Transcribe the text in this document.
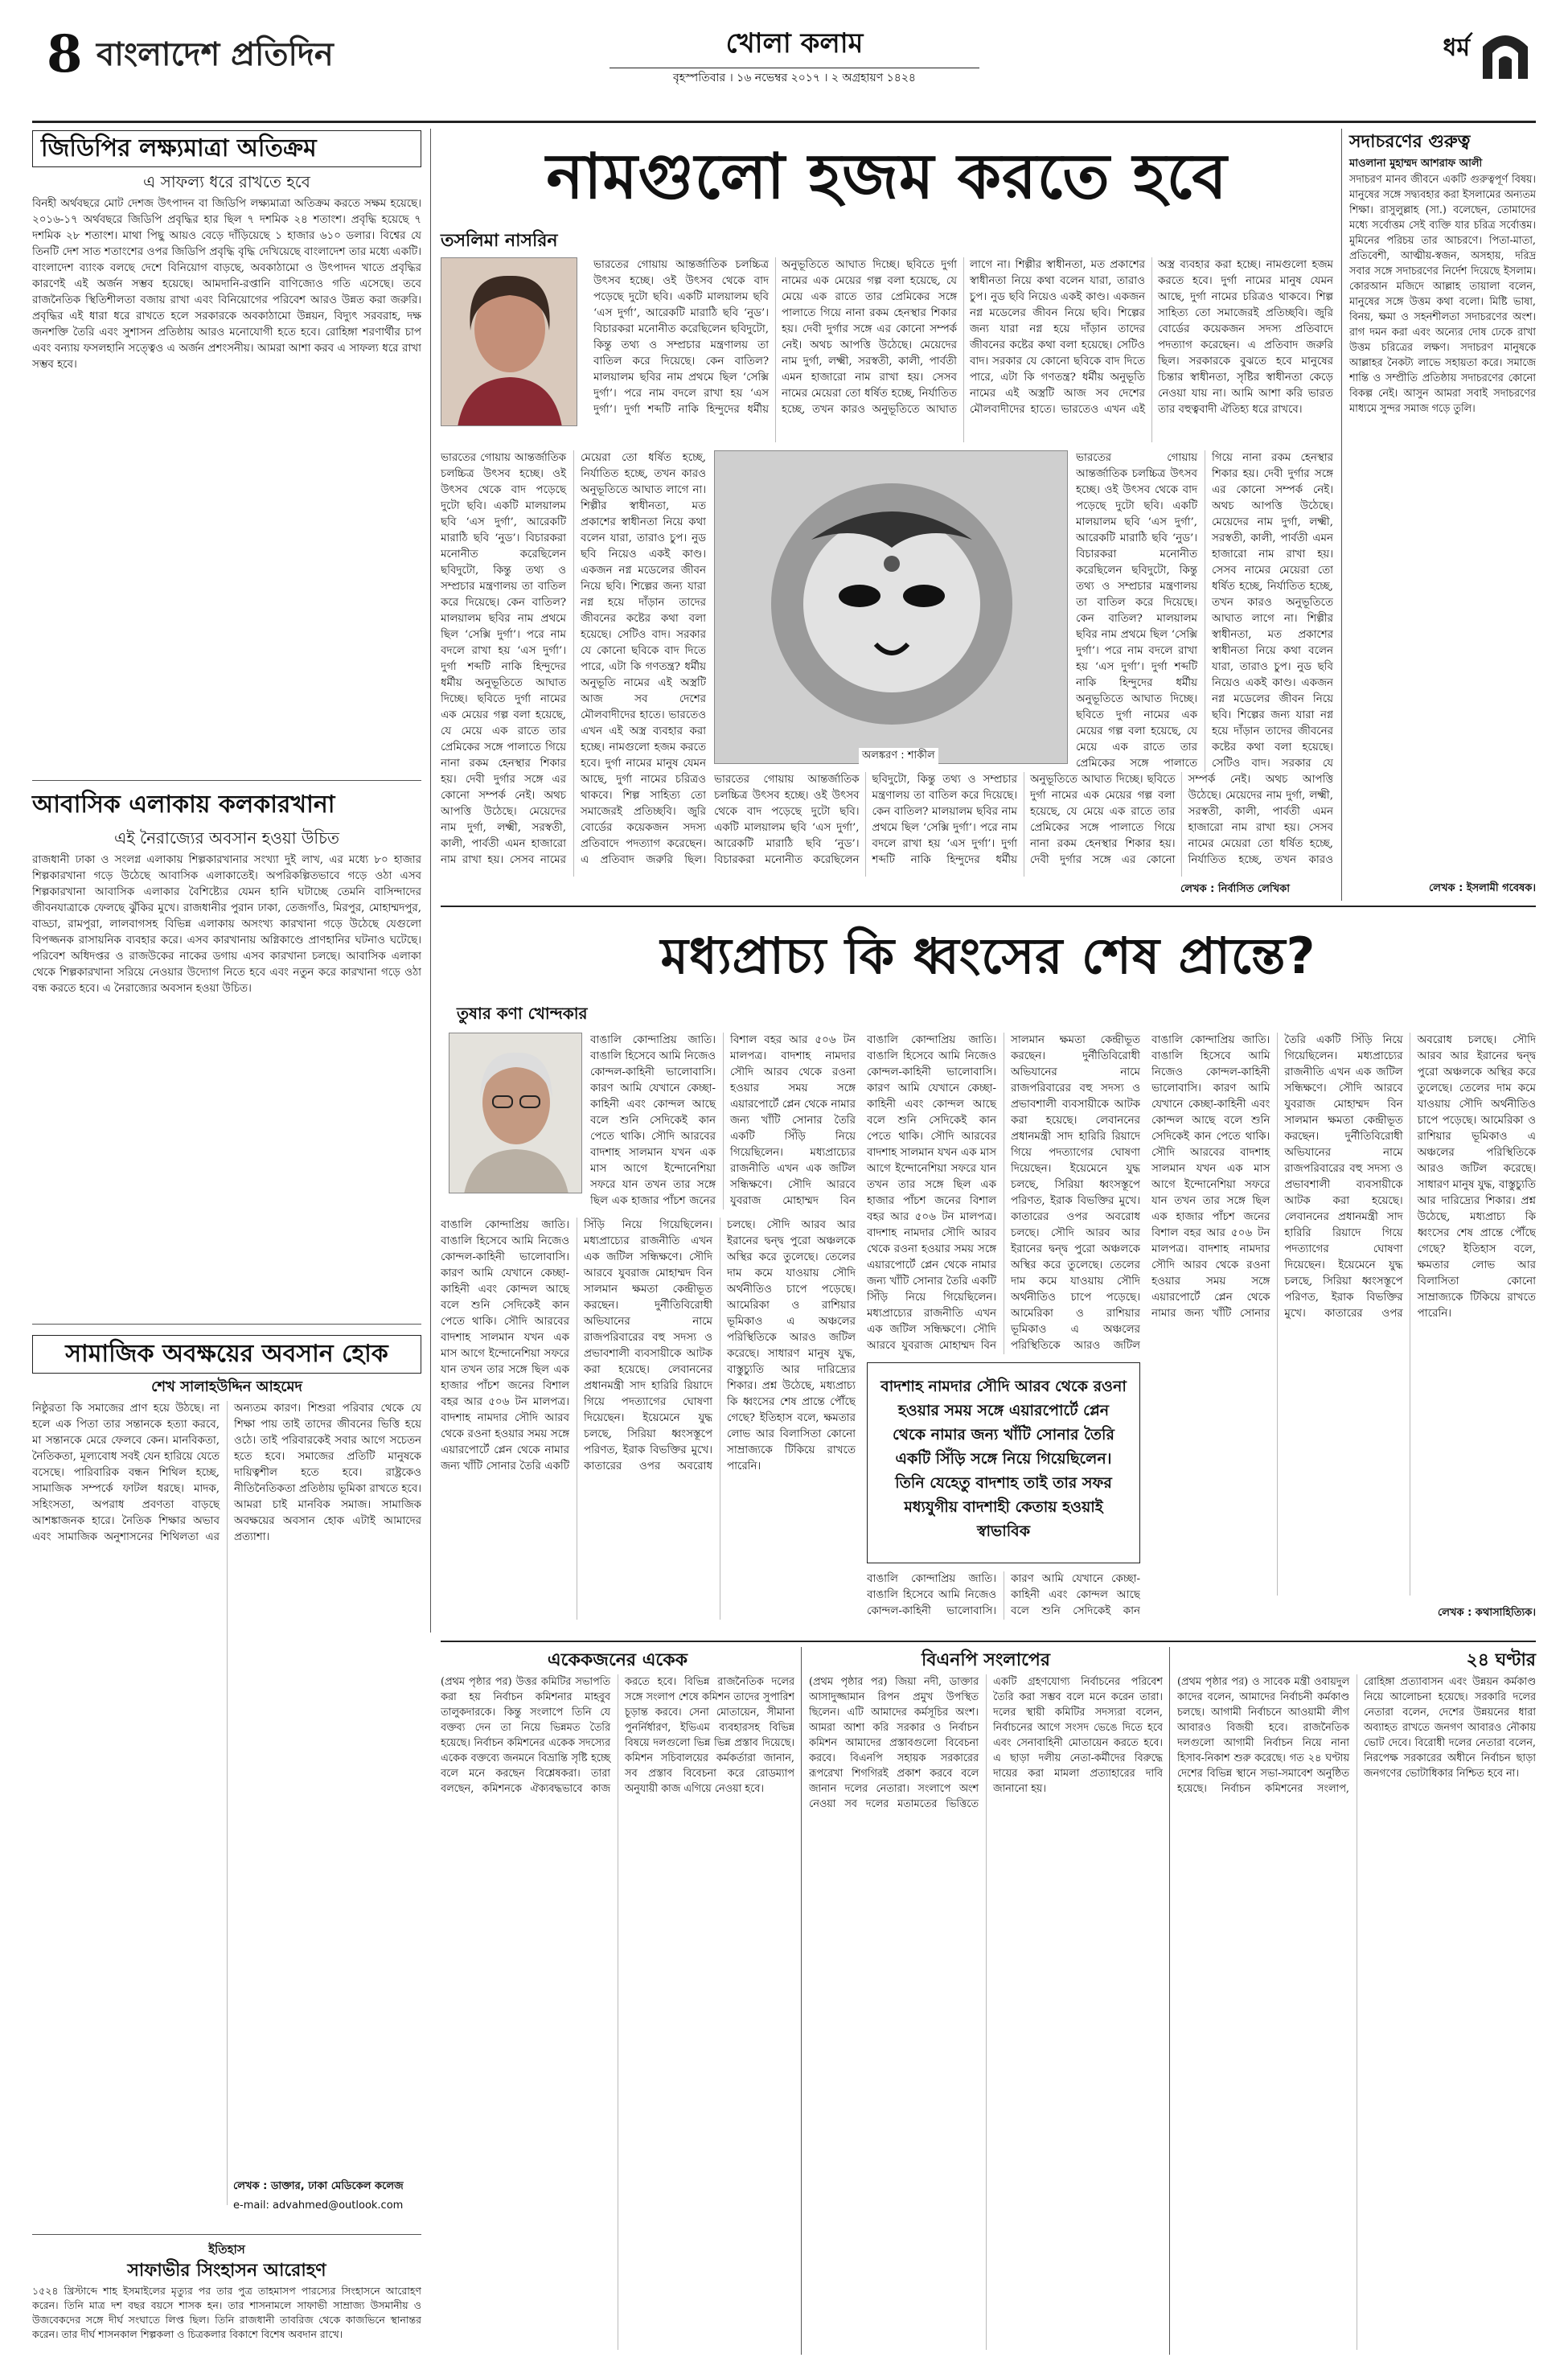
8 বাংলাদেশ প্রতিদিন	খোলা কলাম
বৃহস্পতিবার । ১৬ নভেম্বর ২০১৭ । ২ অগ্রহায়ণ ১৪২৪
ধর্ম
জিডিপির লক্ষ্যমাত্রা অতিক্রম
এ সাফল্য ধরে রাখতে হবে
বিনহী অর্থবছরে মোট দেশজ উৎপাদন বা জিডিপি লক্ষ্যমাত্রা অতিক্রম করতে সক্ষম হয়েছে। ২০১৬-১৭ অর্থবছরে জিডিপি প্রবৃদ্ধির হার ছিল ৭ দশমিক ২৪ শতাংশ। প্রবৃদ্ধি হয়েছে ৭ দশমিক ২৮ শতাংশ। মাথা পিছু আয়ও বেড়ে দাঁড়িয়েছে ১ হাজার ৬১০ ডলার। বিশ্বের যে তিনটি দেশ সাত শতাংশের ওপর জিডিপি প্রবৃদ্ধি বৃদ্ধি দেখিয়েছে বাংলাদেশ তার মধ্যে একটি। বাংলাদেশ ব্যাংক বলছে দেশে বিনিয়োগ বাড়ছে, অবকাঠামো ও উৎপাদন খাতে প্রবৃদ্ধির কারণেই এই অর্জন সম্ভব হয়েছে। আমদানি-রপ্তানি বাণিজ্যেও গতি এসেছে। তবে রাজনৈতিক স্থিতিশীলতা বজায় রাখা এবং বিনিয়োগের পরিবেশ আরও উন্নত করা জরুরি। প্রবৃদ্ধির এই ধারা ধরে রাখতে হলে সরকারকে অবকাঠামো উন্নয়ন, বিদ্যুৎ সরবরাহ, দক্ষ জনশক্তি তৈরি এবং সুশাসন প্রতিষ্ঠায় আরও মনোযোগী হতে হবে। রোহিঙ্গা শরণার্থীর চাপ এবং বন্যায় ফসলহানি সত্ত্বেও এ অর্জন প্রশংসনীয়। আমরা আশা করব এ সাফল্য ধরে রাখা সম্ভব হবে।
আবাসিক এলাকায় কলকারখানা
এই নৈরাজ্যের অবসান হওয়া উচিত
রাজধানী ঢাকা ও সংলগ্ন এলাকায় শিল্পকারখানার সংখ্যা দুই লাখ, এর মধ্যে ৮০ হাজার শিল্পকারখানা গড়ে উঠেছে আবাসিক এলাকাতেই। অপরিকল্পিতভাবে গড়ে ওঠা এসব শিল্পকারখানা আবাসিক এলাকার বৈশিষ্ট্যের যেমন হানি ঘটাচ্ছে তেমনি বাসিন্দাদের জীবনযাত্রাকে ফেলছে ঝুঁকির মুখে। রাজধানীর পুরান ঢাকা, তেজগাঁও, মিরপুর, মোহাম্মদপুর, বাড্ডা, রামপুরা, লালবাগসহ বিভিন্ন এলাকায় অসংখ্য কারখানা গড়ে উঠেছে যেগুলো বিপজ্জনক রাসায়নিক ব্যবহার করে। এসব কারখানায় অগ্নিকাণ্ডে প্রাণহানির ঘটনাও ঘটেছে। পরিবেশ অধিদপ্তর ও রাজউকের নাকের ডগায় এসব কারখানা চলছে। আবাসিক এলাকা থেকে শিল্পকারখানা সরিয়ে নেওয়ার উদ্যোগ নিতে হবে এবং নতুন করে কারখানা গড়ে ওঠা বন্ধ করতে হবে। এ নৈরাজ্যের অবসান হওয়া উচিত।
সামাজিক অবক্ষয়ের অবসান হোক
শেখ সালাহউদ্দিন আহমেদ
নিষ্ঠুরতা কি সমাজের প্রাণ হয়ে উঠছে। না হলে এক পিতা তার সন্তানকে হত্যা করবে, মা সন্তানকে মেরে ফেলবে কেন। মানবিকতা, নৈতিকতা, মূল্যবোধ সবই যেন হারিয়ে যেতে বসেছে। পারিবারিক বন্ধন শিথিল হচ্ছে, সামাজিক সম্পর্কে ফাটল ধরছে। মাদক, সহিংসতা, অপরাধ প্রবণতা বাড়ছে আশঙ্কাজনক হারে। নৈতিক শিক্ষার অভাব এবং সামাজিক অনুশাসনের শিথিলতা এর অন্যতম কারণ। শিশুরা পরিবার থেকে যে শিক্ষা পায় তাই তাদের জীবনের ভিত্তি হয়ে ওঠে। তাই পরিবারকেই সবার আগে সচেতন হতে হবে। সমাজের প্রতিটি মানুষকে দায়িত্বশীল হতে হবে। রাষ্ট্রকেও নীতিনৈতিকতা প্রতিষ্ঠায় ভূমিকা রাখতে হবে। আমরা চাই মানবিক সমাজ। সামাজিক অবক্ষয়ের অবসান হোক এটাই আমাদের প্রত্যাশা।
লেখক : ডাক্তার, ঢাকা মেডিকেল কলেজ
e-mail: advahmed@outlook.com
ইতিহাস
সাফাভীর সিংহাসন আরোহণ
১৫২৪ খ্রিস্টাব্দে শাহ ইসমাইলের মৃত্যুর পর তার পুত্র তাহমাসপ পারস্যের সিংহাসনে আরোহণ করেন। তিনি মাত্র দশ বছর বয়সে শাসক হন। তার শাসনামলে সাফাভী সাম্রাজ্য উসমানীয় ও উজবেকদের সঙ্গে দীর্ঘ সংঘাতে লিপ্ত ছিল। তিনি রাজধানী তাবরিজ থেকে কাজভিনে স্থানান্তর করেন। তার দীর্ঘ শাসনকাল শিল্পকলা ও চিত্রকলার বিকাশে বিশেষ অবদান রাখে।
নামগুলো হজম করতে হবে
তসলিমা নাসরিন
অলঙ্করণ : শাকীল
ভারতের গোয়ায় আন্তর্জাতিক চলচ্চিত্র উৎসব হচ্ছে। ওই উৎসব থেকে বাদ পড়েছে দুটো ছবি। একটি মালয়ালম ছবি ‘এস দুর্গা’, আরেকটি মারাঠি ছবি ‘নুড’। বিচারকরা মনোনীত করেছিলেন ছবিদুটো, কিন্তু তথ্য ও সম্প্রচার মন্ত্রণালয় তা বাতিল করে দিয়েছে। কেন বাতিল? মালয়ালম ছবির নাম প্রথমে ছিল ‘সেক্সি দুর্গা’। পরে নাম বদলে রাখা হয় ‘এস দুর্গা’। দুর্গা শব্দটি নাকি হিন্দুদের ধর্মীয় অনুভূতিতে আঘাত দিচ্ছে। ছবিতে দুর্গা নামের এক মেয়ের গল্প বলা হয়েছে, যে মেয়ে এক রাতে তার প্রেমিকের সঙ্গে পালাতে গিয়ে নানা রকম হেনস্থার শিকার হয়। দেবী দুর্গার সঙ্গে এর কোনো সম্পর্ক নেই। অথচ আপত্তি উঠেছে। মেয়েদের নাম দুর্গা, লক্ষ্মী, সরস্বতী, কালী, পার্বতী এমন হাজারো নাম রাখা হয়। সেসব নামের মেয়েরা তো ধর্ষিত হচ্ছে, নির্যাতিত হচ্ছে, তখন কারও অনুভূতিতে আঘাত লাগে না। শিল্পীর স্বাধীনতা, মত প্রকাশের স্বাধীনতা নিয়ে কথা বলেন যারা, তারাও চুপ। নুড ছবি নিয়েও একই কাণ্ড। একজন নগ্ন মডেলের জীবন নিয়ে ছবি। শিল্পের জন্য যারা নগ্ন হয়ে দাঁড়ান তাদের জীবনের কষ্টের কথা বলা হয়েছে। সেটিও বাদ। সরকার যে কোনো ছবিকে বাদ দিতে পারে, এটা কি গণতন্ত্র? ধর্মীয় অনুভূতি নামের এই অস্ত্রটি আজ সব দেশের মৌলবাদীদের হাতে। ভারতেও এখন এই অস্ত্র ব্যবহার করা হচ্ছে। নামগুলো হজম করতে হবে। দুর্গা নামের মানুষ যেমন আছে, দুর্গা নামের চরিত্রও থাকবে। শিল্প সাহিত্য তো সমাজেরই প্রতিচ্ছবি। জুরি বোর্ডের কয়েকজন সদস্য প্রতিবাদে পদত্যাগ করেছেন। এ প্রতিবাদ জরুরি ছিল। সরকারকে বুঝতে হবে মানুষের চিন্তার স্বাধীনতা, সৃষ্টির স্বাধীনতা কেড়ে নেওয়া যায় না। আমি আশা করি ভারত তার বহুত্ববাদী ঐতিহ্য ধরে রাখবে।
ভারতের গোয়ায় আন্তর্জাতিক চলচ্চিত্র উৎসব হচ্ছে। ওই উৎসব থেকে বাদ পড়েছে দুটো ছবি। একটি মালয়ালম ছবি ‘এস দুর্গা’, আরেকটি মারাঠি ছবি ‘নুড’। বিচারকরা মনোনীত করেছিলেন ছবিদুটো, কিন্তু তথ্য ও সম্প্রচার মন্ত্রণালয় তা বাতিল করে দিয়েছে। কেন বাতিল? মালয়ালম ছবির নাম প্রথমে ছিল ‘সেক্সি দুর্গা’। পরে নাম বদলে রাখা হয় ‘এস দুর্গা’। দুর্গা শব্দটি নাকি হিন্দুদের ধর্মীয় অনুভূতিতে আঘাত দিচ্ছে। ছবিতে দুর্গা নামের এক মেয়ের গল্প বলা হয়েছে, যে মেয়ে এক রাতে তার প্রেমিকের সঙ্গে পালাতে গিয়ে নানা রকম হেনস্থার শিকার হয়। দেবী দুর্গার সঙ্গে এর কোনো সম্পর্ক নেই। অথচ আপত্তি উঠেছে। মেয়েদের নাম দুর্গা, লক্ষ্মী, সরস্বতী, কালী, পার্বতী এমন হাজারো নাম রাখা হয়। সেসব নামের মেয়েরা তো ধর্ষিত হচ্ছে, নির্যাতিত হচ্ছে, তখন কারও অনুভূতিতে আঘাত লাগে না। শিল্পীর স্বাধীনতা, মত প্রকাশের স্বাধীনতা নিয়ে কথা বলেন যারা, তারাও চুপ। নুড ছবি নিয়েও একই কাণ্ড। একজন নগ্ন মডেলের জীবন নিয়ে ছবি। শিল্পের জন্য যারা নগ্ন হয়ে দাঁড়ান তাদের জীবনের কষ্টের কথা বলা হয়েছে। সেটিও বাদ। সরকার যে কোনো ছবিকে বাদ দিতে পারে, এটা কি গণতন্ত্র? ধর্মীয় অনুভূতি নামের এই অস্ত্রটি আজ সব দেশের মৌলবাদীদের হাতে। ভারতেও এখন এই অস্ত্র ব্যবহার করা হচ্ছে। নামগুলো হজম করতে হবে। দুর্গা নামের মানুষ যেমন আছে, দুর্গা নামের চরিত্রও থাকবে। শিল্প সাহিত্য তো সমাজেরই প্রতিচ্ছবি। জুরি বোর্ডের কয়েকজন সদস্য প্রতিবাদে পদত্যাগ করেছেন। এ প্রতিবাদ জরুরি ছিল।
ভারতের গোয়ায় আন্তর্জাতিক চলচ্চিত্র উৎসব হচ্ছে। ওই উৎসব থেকে বাদ পড়েছে দুটো ছবি। একটি মালয়ালম ছবি ‘এস দুর্গা’, আরেকটি মারাঠি ছবি ‘নুড’। বিচারকরা মনোনীত করেছিলেন ছবিদুটো, কিন্তু তথ্য ও সম্প্রচার মন্ত্রণালয় তা বাতিল করে দিয়েছে। কেন বাতিল? মালয়ালম ছবির নাম প্রথমে ছিল ‘সেক্সি দুর্গা’। পরে নাম বদলে রাখা হয় ‘এস দুর্গা’। দুর্গা শব্দটি নাকি হিন্দুদের ধর্মীয় অনুভূতিতে আঘাত দিচ্ছে। ছবিতে দুর্গা নামের এক মেয়ের গল্প বলা হয়েছে, যে মেয়ে এক রাতে তার প্রেমিকের সঙ্গে পালাতে গিয়ে নানা রকম হেনস্থার শিকার হয়। দেবী দুর্গার সঙ্গে এর কোনো সম্পর্ক নেই। অথচ আপত্তি উঠেছে। মেয়েদের নাম দুর্গা, লক্ষ্মী, সরস্বতী, কালী, পার্বতী এমন হাজারো নাম রাখা হয়। সেসব নামের মেয়েরা তো ধর্ষিত হচ্ছে, নির্যাতিত হচ্ছে, তখন কারও অনুভূতিতে আঘাত লাগে না। শিল্পীর স্বাধীনতা, মত প্রকাশের স্বাধীনতা নিয়ে কথা বলেন যারা, তারাও চুপ। নুড ছবি নিয়েও একই কাণ্ড। একজন নগ্ন মডেলের জীবন নিয়ে ছবি। শিল্পের জন্য যারা নগ্ন হয়ে দাঁড়ান তাদের জীবনের কষ্টের কথা বলা হয়েছে। সেটিও বাদ। সরকার যে
ভারতের গোয়ায় আন্তর্জাতিক চলচ্চিত্র উৎসব হচ্ছে। ওই উৎসব থেকে বাদ পড়েছে দুটো ছবি। একটি মালয়ালম ছবি ‘এস দুর্গা’, আরেকটি মারাঠি ছবি ‘নুড’। বিচারকরা মনোনীত করেছিলেন ছবিদুটো, কিন্তু তথ্য ও সম্প্রচার মন্ত্রণালয় তা বাতিল করে দিয়েছে। কেন বাতিল? মালয়ালম ছবির নাম প্রথমে ছিল ‘সেক্সি দুর্গা’। পরে নাম বদলে রাখা হয় ‘এস দুর্গা’। দুর্গা শব্দটি নাকি হিন্দুদের ধর্মীয় অনুভূতিতে আঘাত দিচ্ছে। ছবিতে দুর্গা নামের এক মেয়ের গল্প বলা হয়েছে, যে মেয়ে এক রাতে তার প্রেমিকের সঙ্গে পালাতে গিয়ে নানা রকম হেনস্থার শিকার হয়। দেবী দুর্গার সঙ্গে এর কোনো সম্পর্ক নেই। অথচ আপত্তি উঠেছে। মেয়েদের নাম দুর্গা, লক্ষ্মী, সরস্বতী, কালী, পার্বতী এমন হাজারো নাম রাখা হয়। সেসব নামের মেয়েরা তো ধর্ষিত হচ্ছে, নির্যাতিত হচ্ছে, তখন কারও
লেখক : নির্বাসিত লেখিকা
সদাচরণের গুরুত্ব
মাওলানা মুহাম্মদ আশরাফ আলী
সদাচরণ মানব জীবনে একটি গুরুত্বপূর্ণ বিষয়। মানুষের সঙ্গে সদ্ব্যবহার করা ইসলামের অন্যতম শিক্ষা। রাসুলুল্লাহ (সা.) বলেছেন, তোমাদের মধ্যে সর্বোত্তম সেই ব্যক্তি যার চরিত্র সর্বোত্তম। মুমিনের পরিচয় তার আচরণে। পিতা-মাতা, প্রতিবেশী, আত্মীয়-স্বজন, অসহায়, দরিদ্র সবার সঙ্গে সদাচরণের নির্দেশ দিয়েছে ইসলাম। কোরআন মজিদে আল্লাহ তায়ালা বলেন, মানুষের সঙ্গে উত্তম কথা বলো। মিষ্টি ভাষা, বিনয়, ক্ষমা ও সহনশীলতা সদাচরণের অংশ। রাগ দমন করা এবং অন্যের দোষ ঢেকে রাখা উত্তম চরিত্রের লক্ষণ। সদাচরণ মানুষকে আল্লাহর নৈকট্য লাভে সহায়তা করে। সমাজে শান্তি ও সম্প্রীতি প্রতিষ্ঠায় সদাচরণের কোনো বিকল্প নেই। আসুন আমরা সবাই সদাচরণের মাধ্যমে সুন্দর সমাজ গড়ে তুলি।
লেখক : ইসলামী গবেষক।
মধ্যপ্রাচ্য কি ধ্বংসের শেষ প্রান্তে?
তুষার কণা খোন্দকার
বাঙালি কোন্দাপ্রিয় জাতি। বাঙালি হিসেবে আমি নিজেও কোন্দল-কাহিনী ভালোবাসি। কারণ আমি যেখানে কেচ্ছা-কাহিনী এবং কোন্দল আছে বলে শুনি সেদিকেই কান পেতে থাকি। সৌদি আরবের বাদশাহ সালমান যখন এক মাস আগে ইন্দোনেশিয়া সফরে যান তখন তার সঙ্গে ছিল এক হাজার পাঁচশ জনের বিশাল বহর আর ৫০৬ টন মালপত্র। বাদশাহ নামদার সৌদি আরব থেকে রওনা হওয়ার সময় সঙ্গে এয়ারপোর্টে প্লেন থেকে নামার জন্য খাঁটি সোনার তৈরি একটি সিঁড়ি নিয়ে গিয়েছিলেন। মধ্যপ্রাচ্যের রাজনীতি এখন এক জটিল সন্ধিক্ষণে। সৌদি আরবে যুবরাজ মোহাম্মদ বিন
বাঙালি কোন্দাপ্রিয় জাতি। বাঙালি হিসেবে আমি নিজেও কোন্দল-কাহিনী ভালোবাসি। কারণ আমি যেখানে কেচ্ছা-কাহিনী এবং কোন্দল আছে বলে শুনি সেদিকেই কান পেতে থাকি। সৌদি আরবের বাদশাহ সালমান যখন এক মাস আগে ইন্দোনেশিয়া সফরে যান তখন তার সঙ্গে ছিল এক হাজার পাঁচশ জনের বিশাল বহর আর ৫০৬ টন মালপত্র। বাদশাহ নামদার সৌদি আরব থেকে রওনা হওয়ার সময় সঙ্গে এয়ারপোর্টে প্লেন থেকে নামার জন্য খাঁটি সোনার তৈরি একটি সিঁড়ি নিয়ে গিয়েছিলেন। মধ্যপ্রাচ্যের রাজনীতি এখন এক জটিল সন্ধিক্ষণে। সৌদি আরবে যুবরাজ মোহাম্মদ বিন সালমান ক্ষমতা কেন্দ্রীভূত করছেন। দুর্নীতিবিরোধী অভিযানের নামে রাজপরিবারের বহু সদস্য ও প্রভাবশালী ব্যবসায়ীকে আটক করা হয়েছে। লেবাননের প্রধানমন্ত্রী সাদ হারিরি রিয়াদে গিয়ে পদত্যাগের ঘোষণা দিয়েছেন। ইয়েমেনে যুদ্ধ চলছে, সিরিয়া ধ্বংসস্তূপে পরিণত, ইরাক বিভক্তির মুখে। কাতারের ওপর অবরোধ চলছে। সৌদি আরব আর ইরানের দ্বন্দ্ব পুরো অঞ্চলকে অস্থির করে তুলেছে। তেলের দাম কমে যাওয়ায় সৌদি অর্থনীতিও চাপে পড়েছে। আমেরিকা ও রাশিয়ার ভূমিকাও এ অঞ্চলের পরিস্থিতিকে আরও জটিল করেছে। সাধারণ মানুষ যুদ্ধ, বাস্তুচ্যুতি আর দারিদ্র্যের শিকার। প্রশ্ন উঠেছে, মধ্যপ্রাচ্য কি ধ্বংসের শেষ প্রান্তে পৌঁছে গেছে? ইতিহাস বলে, ক্ষমতার লোভ আর বিলাসিতা কোনো সাম্রাজ্যকে টিকিয়ে রাখতে পারেনি।
বাদশাহ নামদার সৌদি আরব থেকে রওনা হওয়ার সময় সঙ্গে এয়ারপোর্টে প্লেন থেকে নামার জন্য খাঁটি সোনার তৈরি একটি সিঁড়ি সঙ্গে নিয়ে গিয়েছিলেন। তিনি যেহেতু বাদশাহ তাই তার সফর মধ্যযুগীয় বাদশাহী কেতায় হওয়াই স্বাভাবিক
বাঙালি কোন্দাপ্রিয় জাতি। বাঙালি হিসেবে আমি নিজেও কোন্দল-কাহিনী ভালোবাসি। কারণ আমি যেখানে কেচ্ছা-কাহিনী এবং কোন্দল আছে বলে শুনি সেদিকেই কান পেতে থাকি। সৌদি আরবের বাদশাহ সালমান যখন এক মাস আগে ইন্দোনেশিয়া সফরে যান তখন তার সঙ্গে ছিল এক হাজার পাঁচশ জনের বিশাল বহর আর ৫০৬ টন মালপত্র। বাদশাহ নামদার সৌদি আরব থেকে রওনা হওয়ার সময় সঙ্গে এয়ারপোর্টে প্লেন থেকে নামার জন্য খাঁটি সোনার তৈরি একটি সিঁড়ি নিয়ে গিয়েছিলেন। মধ্যপ্রাচ্যের রাজনীতি এখন এক জটিল সন্ধিক্ষণে। সৌদি আরবে যুবরাজ মোহাম্মদ বিন সালমান ক্ষমতা কেন্দ্রীভূত করছেন। দুর্নীতিবিরোধী অভিযানের নামে রাজপরিবারের বহু সদস্য ও প্রভাবশালী ব্যবসায়ীকে আটক করা হয়েছে। লেবাননের প্রধানমন্ত্রী সাদ হারিরি রিয়াদে গিয়ে পদত্যাগের ঘোষণা দিয়েছেন। ইয়েমেনে যুদ্ধ চলছে, সিরিয়া ধ্বংসস্তূপে পরিণত, ইরাক বিভক্তির মুখে। কাতারের ওপর অবরোধ চলছে। সৌদি আরব আর ইরানের দ্বন্দ্ব পুরো অঞ্চলকে অস্থির করে তুলেছে। তেলের দাম কমে যাওয়ায় সৌদি অর্থনীতিও চাপে পড়েছে। আমেরিকা ও রাশিয়ার ভূমিকাও এ অঞ্চলের পরিস্থিতিকে আরও জটিল
বাঙালি কোন্দাপ্রিয় জাতি। বাঙালি হিসেবে আমি নিজেও কোন্দল-কাহিনী ভালোবাসি। কারণ আমি যেখানে কেচ্ছা-কাহিনী এবং কোন্দল আছে বলে শুনি সেদিকেই কান পেতে থাকি। সৌদি আরবের বাদশাহ সালমান যখন এক মাস আগে ইন্দোনেশিয়া সফরে যান তখন তার সঙ্গে ছিল এক হাজার পাঁচশ জনের বিশাল বহর আর ৫০৬ টন মালপত্র। বাদশাহ নামদার সৌদি আরব থেকে রওনা হওয়ার সময় সঙ্গে এয়ারপোর্টে প্লেন থেকে নামার জন্য খাঁটি সোনার তৈরি একটি সিঁড়ি নিয়ে গিয়েছিলেন। মধ্যপ্রাচ্যের রাজনীতি এখন এক জটিল সন্ধিক্ষণে। সৌদি আরবে যুবরাজ মোহাম্মদ বিন সালমান ক্ষমতা কেন্দ্রীভূত করছেন। দুর্নীতিবিরোধী অভিযানের নামে রাজপরিবারের বহু সদস্য ও প্রভাবশালী ব্যবসায়ীকে আটক করা হয়েছে। লেবাননের প্রধানমন্ত্রী সাদ হারিরি রিয়াদে গিয়ে পদত্যাগের ঘোষণা দিয়েছেন। ইয়েমেনে যুদ্ধ চলছে, সিরিয়া ধ্বংসস্তূপে পরিণত, ইরাক বিভক্তির মুখে। কাতারের ওপর অবরোধ চলছে। সৌদি আরব আর ইরানের দ্বন্দ্ব পুরো অঞ্চলকে অস্থির করে তুলেছে। তেলের দাম কমে যাওয়ায় সৌদি অর্থনীতিও চাপে পড়েছে। আমেরিকা ও রাশিয়ার ভূমিকাও এ অঞ্চলের পরিস্থিতিকে আরও জটিল করেছে। সাধারণ মানুষ যুদ্ধ, বাস্তুচ্যুতি আর দারিদ্র্যের শিকার। প্রশ্ন উঠেছে, মধ্যপ্রাচ্য কি ধ্বংসের শেষ প্রান্তে পৌঁছে গেছে? ইতিহাস বলে, ক্ষমতার লোভ আর বিলাসিতা কোনো সাম্রাজ্যকে টিকিয়ে রাখতে পারেনি।
বাঙালি কোন্দাপ্রিয় জাতি। বাঙালি হিসেবে আমি নিজেও কোন্দল-কাহিনী ভালোবাসি। কারণ আমি যেখানে কেচ্ছা-কাহিনী এবং কোন্দল আছে বলে শুনি সেদিকেই কান	লেখক : কথাসাহিত্যিক।
একেকজনের একেক
(প্রথম পৃষ্ঠার পর) উত্তর কমিটির সভাপতি করা হয় নির্বাচন কমিশনার মাহবুব তালুকদারকে। কিন্তু সংলাপে তিনি যে বক্তব্য দেন তা নিয়ে ভিন্নমত তৈরি হয়েছে। নির্বাচন কমিশনের একেক সদস্যের একেক বক্তব্যে জনমনে বিভ্রান্তি সৃষ্টি হচ্ছে বলে মনে করছেন বিশ্লেষকরা। তারা বলছেন, কমিশনকে ঐক্যবদ্ধভাবে কাজ করতে হবে। বিভিন্ন রাজনৈতিক দলের সঙ্গে সংলাপ শেষে কমিশন তাদের সুপারিশ চূড়ান্ত করবে। সেনা মোতায়েন, সীমানা পুনর্নির্ধারণ, ইভিএম ব্যবহারসহ বিভিন্ন বিষয়ে দলগুলো ভিন্ন ভিন্ন প্রস্তাব দিয়েছে। কমিশন সচিবালয়ের কর্মকর্তারা জানান, সব প্রস্তাব বিবেচনা করে রোডম্যাপ অনুযায়ী কাজ এগিয়ে নেওয়া হবে।
বিএনপি সংলাপের
(প্রথম পৃষ্ঠার পর) জিয়া নদী, ডাক্তার আসাদুজ্জামান রিপন প্রমুখ উপস্থিত ছিলেন। এটি আমাদের কর্মসূচির অংশ। আমরা আশা করি সরকার ও নির্বাচন কমিশন আমাদের প্রস্তাবগুলো বিবেচনা করবে। বিএনপি সহায়ক সরকারের রূপরেখা শিগগিরই প্রকাশ করবে বলে জানান দলের নেতারা। সংলাপে অংশ নেওয়া সব দলের মতামতের ভিত্তিতে একটি গ্রহণযোগ্য নির্বাচনের পরিবেশ তৈরি করা সম্ভব বলে মনে করেন তারা। দলের স্থায়ী কমিটির সদস্যরা বলেন, নির্বাচনের আগে সংসদ ভেঙে দিতে হবে এবং সেনাবাহিনী মোতায়েন করতে হবে। এ ছাড়া দলীয় নেতা-কর্মীদের বিরুদ্ধে দায়ের করা মামলা প্রত্যাহারের দাবি জানানো হয়।
২৪ ঘণ্টার
(প্রথম পৃষ্ঠার পর) ও সাবেক মন্ত্রী ওবায়দুল কাদের বলেন, আমাদের নির্বাচনী কর্মকাণ্ড চলছে। আগামী নির্বাচনে আওয়ামী লীগ আবারও বিজয়ী হবে। রাজনৈতিক দলগুলো আগামী নির্বাচন নিয়ে নানা হিসাব-নিকাশ শুরু করেছে। গত ২৪ ঘণ্টায় দেশের বিভিন্ন স্থানে সভা-সমাবেশ অনুষ্ঠিত হয়েছে। নির্বাচন কমিশনের সংলাপ, রোহিঙ্গা প্রত্যাবাসন এবং উন্নয়ন কর্মকাণ্ড নিয়ে আলোচনা হয়েছে। সরকারি দলের নেতারা বলেন, দেশের উন্নয়নের ধারা অব্যাহত রাখতে জনগণ আবারও নৌকায় ভোট দেবে। বিরোধী দলের নেতারা বলেন, নিরপেক্ষ সরকারের অধীনে নির্বাচন ছাড়া জনগণের ভোটাধিকার নিশ্চিত হবে না।
